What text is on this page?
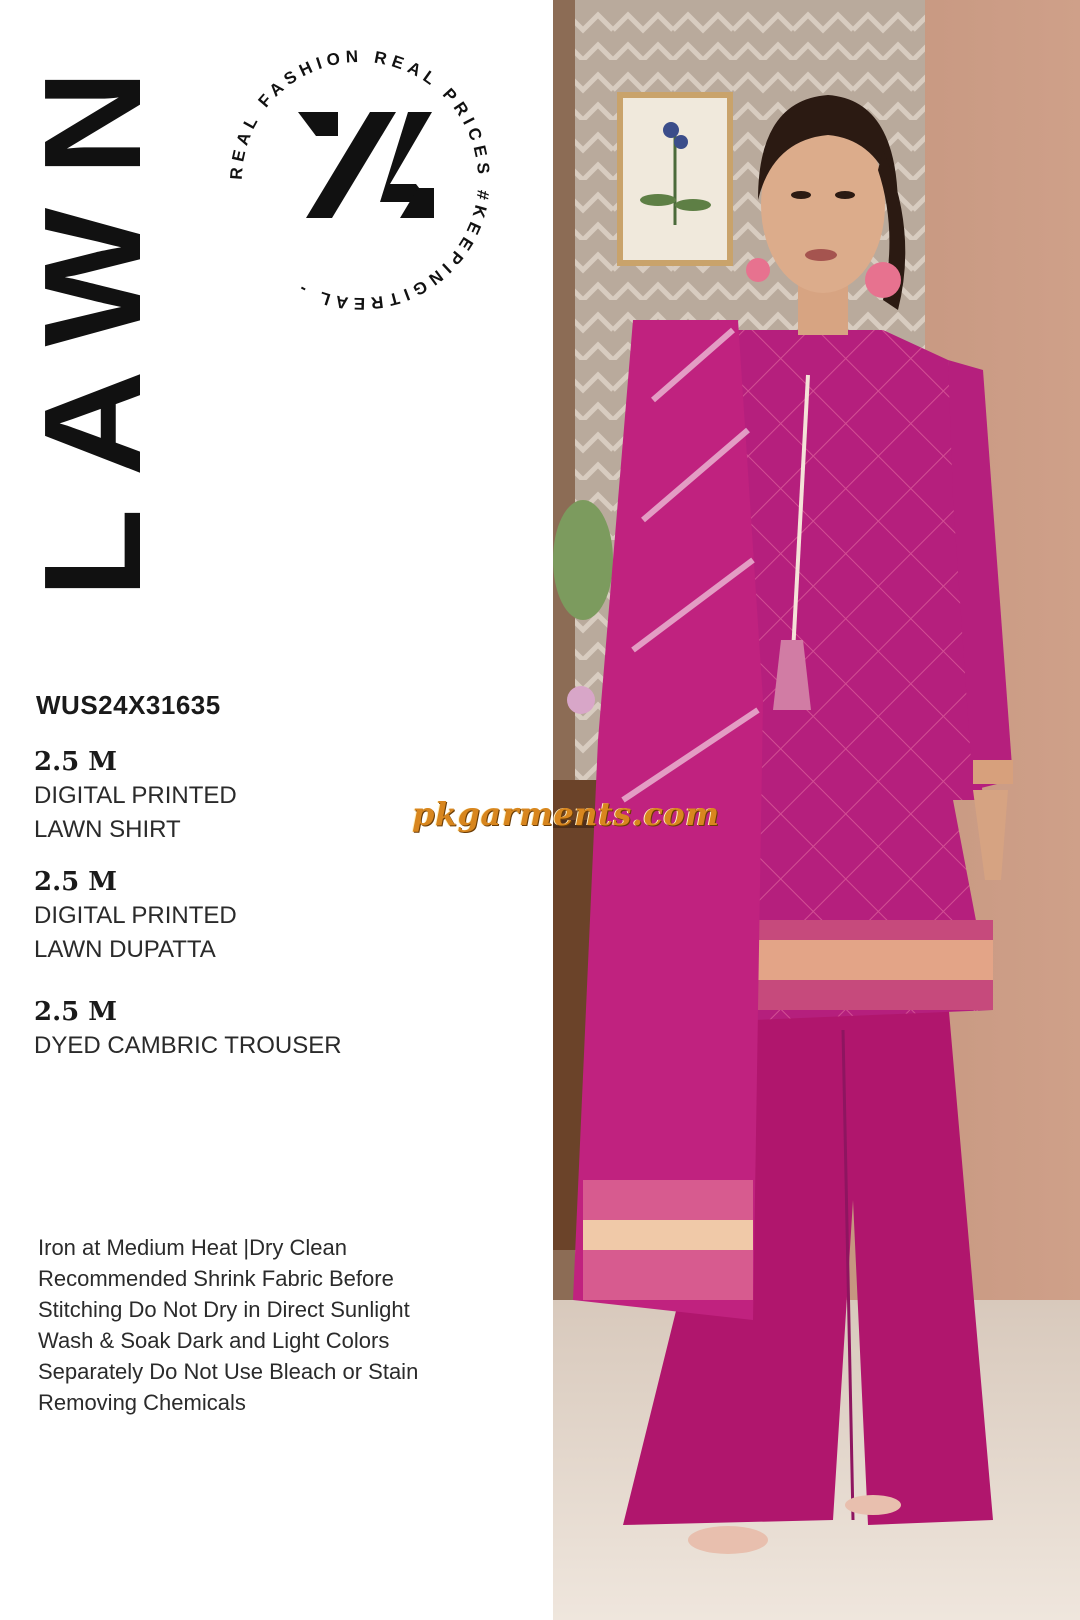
LAWN	REAL FASHION REAL PRICES #KEEPINGITREAL -
WUS24X31635
2.5 M
DIGITAL PRINTED
LAWN SHIRT
2.5 M
DIGITAL PRINTED
LAWN DUPATTA
2.5 M
DYED CAMBRIC TROUSER
Iron at Medium Heat |Dry Clean
Recommended Shrink Fabric Before
Stitching Do Not Dry in Direct Sunlight
Wash & Soak Dark and Light Colors
Separately Do Not Use Bleach or Stain
Removing Chemicals
pkgarments.com
